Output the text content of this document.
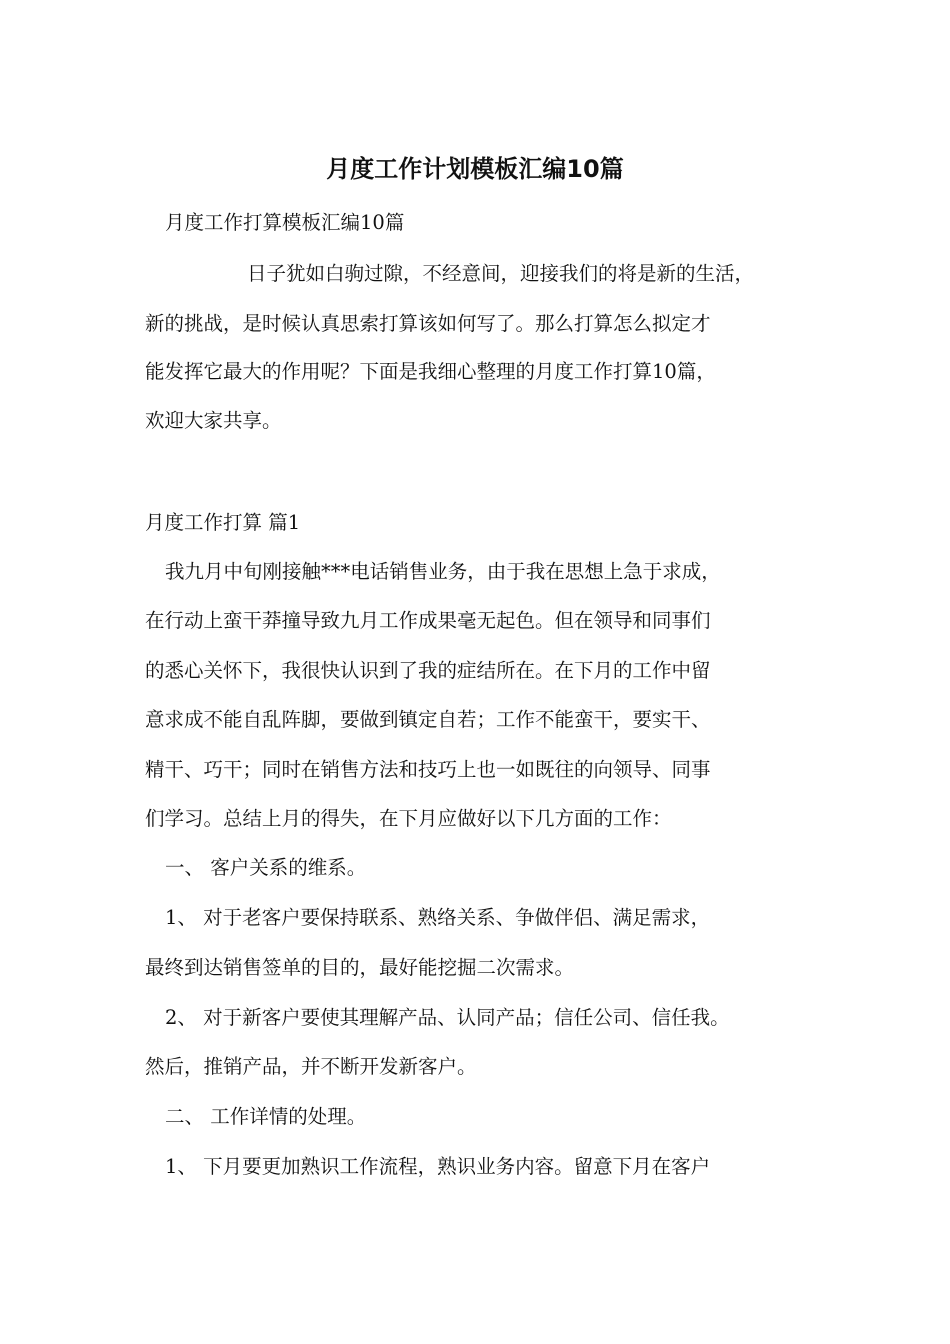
月度工作计划模板汇编10篇
月度工作打算模板汇编10篇
日子犹如白驹过隙，不经意间，迎接我们的将是新的生活，
新的挑战，是时候认真思索打算该如何写了。那么打算怎么拟定才
能发挥它最大的作用呢？下面是我细心整理的月度工作打算10篇，
欢迎大家共享。
月度工作打算 篇1
我九月中旬刚接触***电话销售业务，由于我在思想上急于求成，
在行动上蛮干莽撞导致九月工作成果毫无起色。但在领导和同事们
的悉心关怀下，我很快认识到了我的症结所在。在下月的工作中留
意求成不能自乱阵脚，要做到镇定自若；工作不能蛮干，要实干、
精干、巧干；同时在销售方法和技巧上也一如既往的向领导、同事
们学习。总结上月的得失，在下月应做好以下几方面的工作：
一、 客户关系的维系。
1、 对于老客户要保持联系、熟络关系、争做伴侣、满足需求，
最终到达销售签单的目的，最好能挖掘二次需求。
2、 对于新客户要使其理解产品、认同产品；信任公司、信任我。
然后，推销产品，并不断开发新客户。
二、 工作详情的处理。
1、 下月要更加熟识工作流程，熟识业务内容。留意下月在客户
